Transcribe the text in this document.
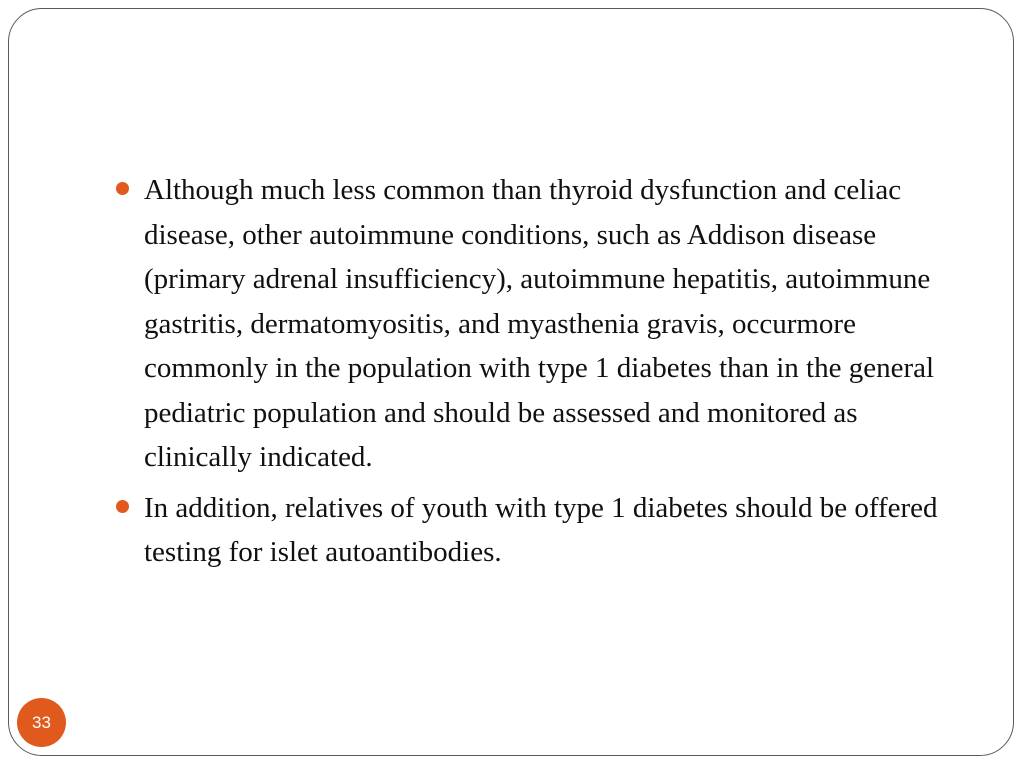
Although much less common than thyroid dysfunction and celiac disease, other autoimmune conditions, such as Addison disease (primary adrenal insufficiency), autoimmune hepatitis, autoimmune gastritis, dermatomyositis, and myasthenia gravis, occurmore commonly in the population with type 1 diabetes than in the general pediatric population and should be assessed and monitored as clinically indicated.

In addition, relatives of youth with type 1 diabetes should be offered testing for islet autoantibodies.

33
